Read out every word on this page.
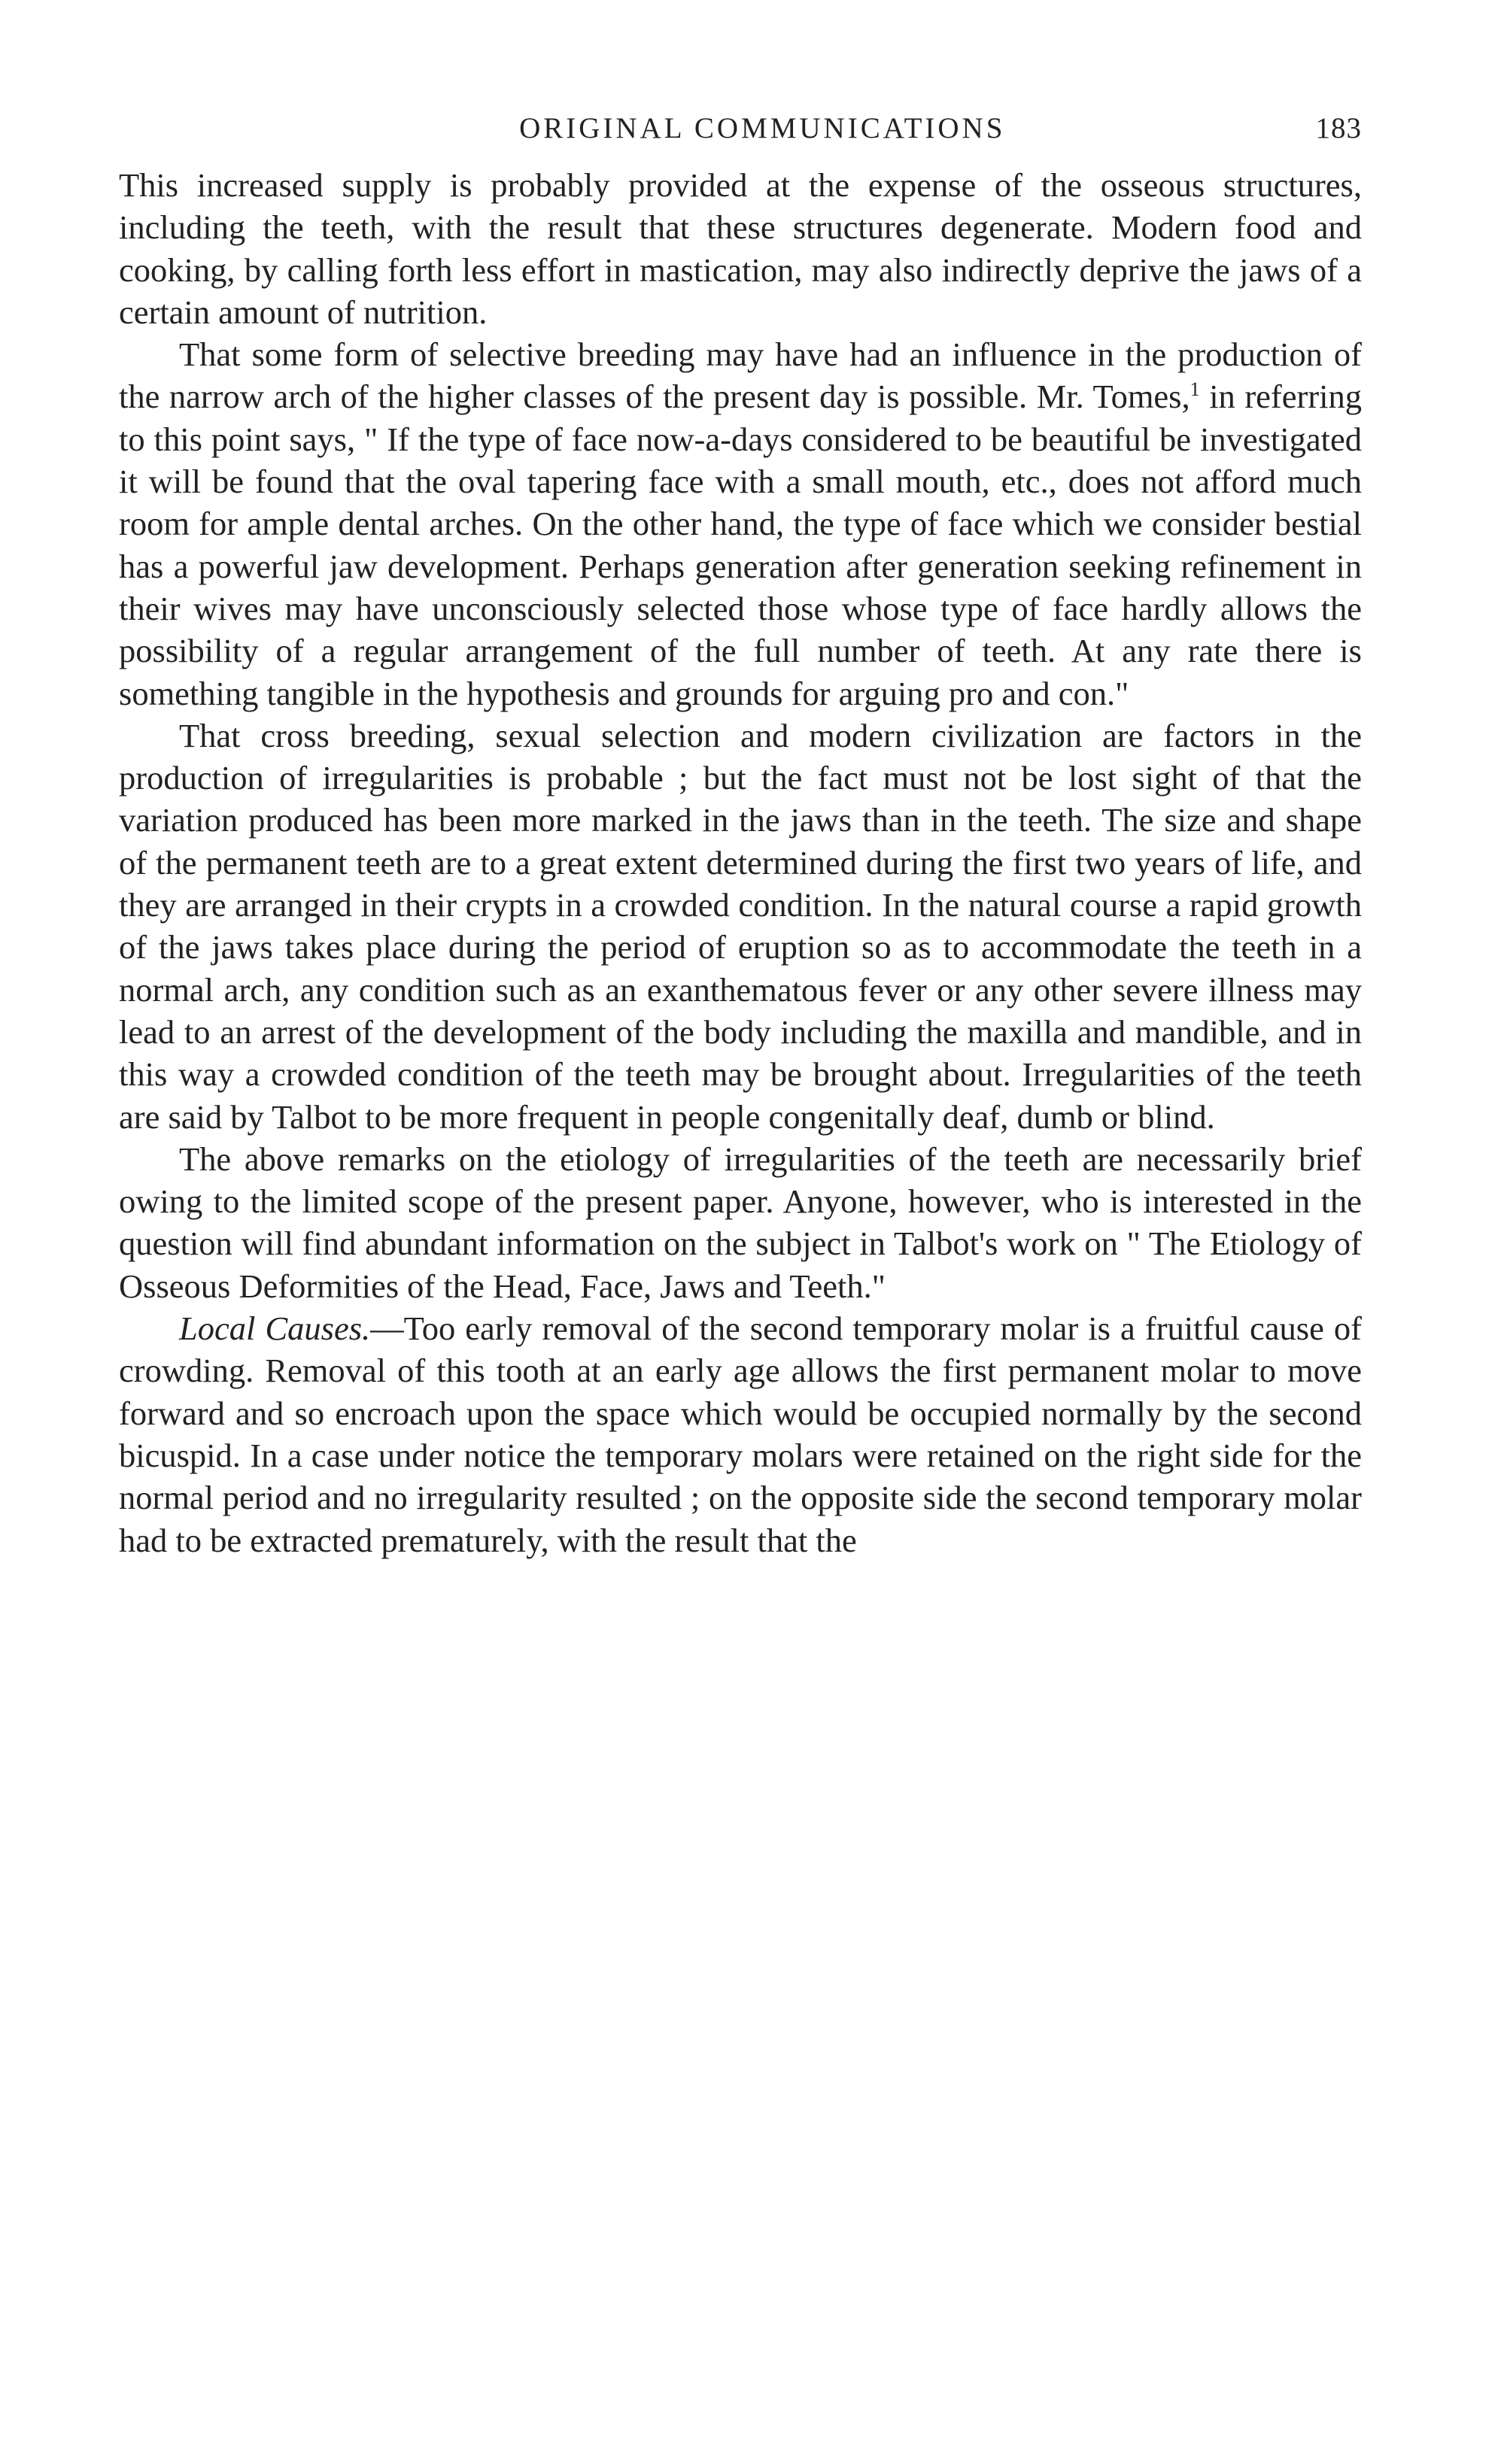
ORIGINAL COMMUNICATIONS	183

This increased supply is probably provided at the expense of the osseous structures, including the teeth, with the result that these structures degenerate. Modern food and cooking, by calling forth less effort in mastication, may also indirectly deprive the jaws of a certain amount of nutrition.

That some form of selective breeding may have had an influence in the production of the narrow arch of the higher classes of the present day is possible. Mr. Tomes,$^1$ in referring to this point says, " If the type of face now-a-days considered to be beautiful be investigated it will be found that the oval tapering face with a small mouth, etc., does not afford much room for ample dental arches. On the other hand, the type of face which we consider bestial has a powerful jaw development. Perhaps generation after generation seeking refinement in their wives may have unconsciously selected those whose type of face hardly allows the possibility of a regular arrangement of the full number of teeth. At any rate there is something tangible in the hypothesis and grounds for arguing pro and con."

That cross breeding, sexual selection and modern civilization are factors in the production of irregularities is probable ; but the fact must not be lost sight of that the variation produced has been more marked in the jaws than in the teeth. The size and shape of the permanent teeth are to a great extent determined during the first two years of life, and they are arranged in their crypts in a crowded condition. In the natural course a rapid growth of the jaws takes place during the period of eruption so as to accommodate the teeth in a normal arch, any condition such as an exanthematous fever or any other severe illness may lead to an arrest of the development of the body including the maxilla and mandible, and in this way a crowded condition of the teeth may be brought about. Irregularities of the teeth are said by Talbot to be more frequent in people congenitally deaf, dumb or blind.

The above remarks on the etiology of irregularities of the teeth are necessarily brief owing to the limited scope of the present paper. Anyone, however, who is interested in the question will find abundant information on the subject in Talbot's work on " The Etiology of Osseous Deformities of the Head, Face, Jaws and Teeth."

Local Causes.—Too early removal of the second temporary molar is a fruitful cause of crowding. Removal of this tooth at an early age allows the first permanent molar to move forward and so encroach upon the space which would be occupied normally by the second bicuspid. In a case under notice the temporary molars were retained on the right side for the normal period and no irregularity resulted ; on the opposite side the second temporary molar had to be extracted prematurely, with the result that the
